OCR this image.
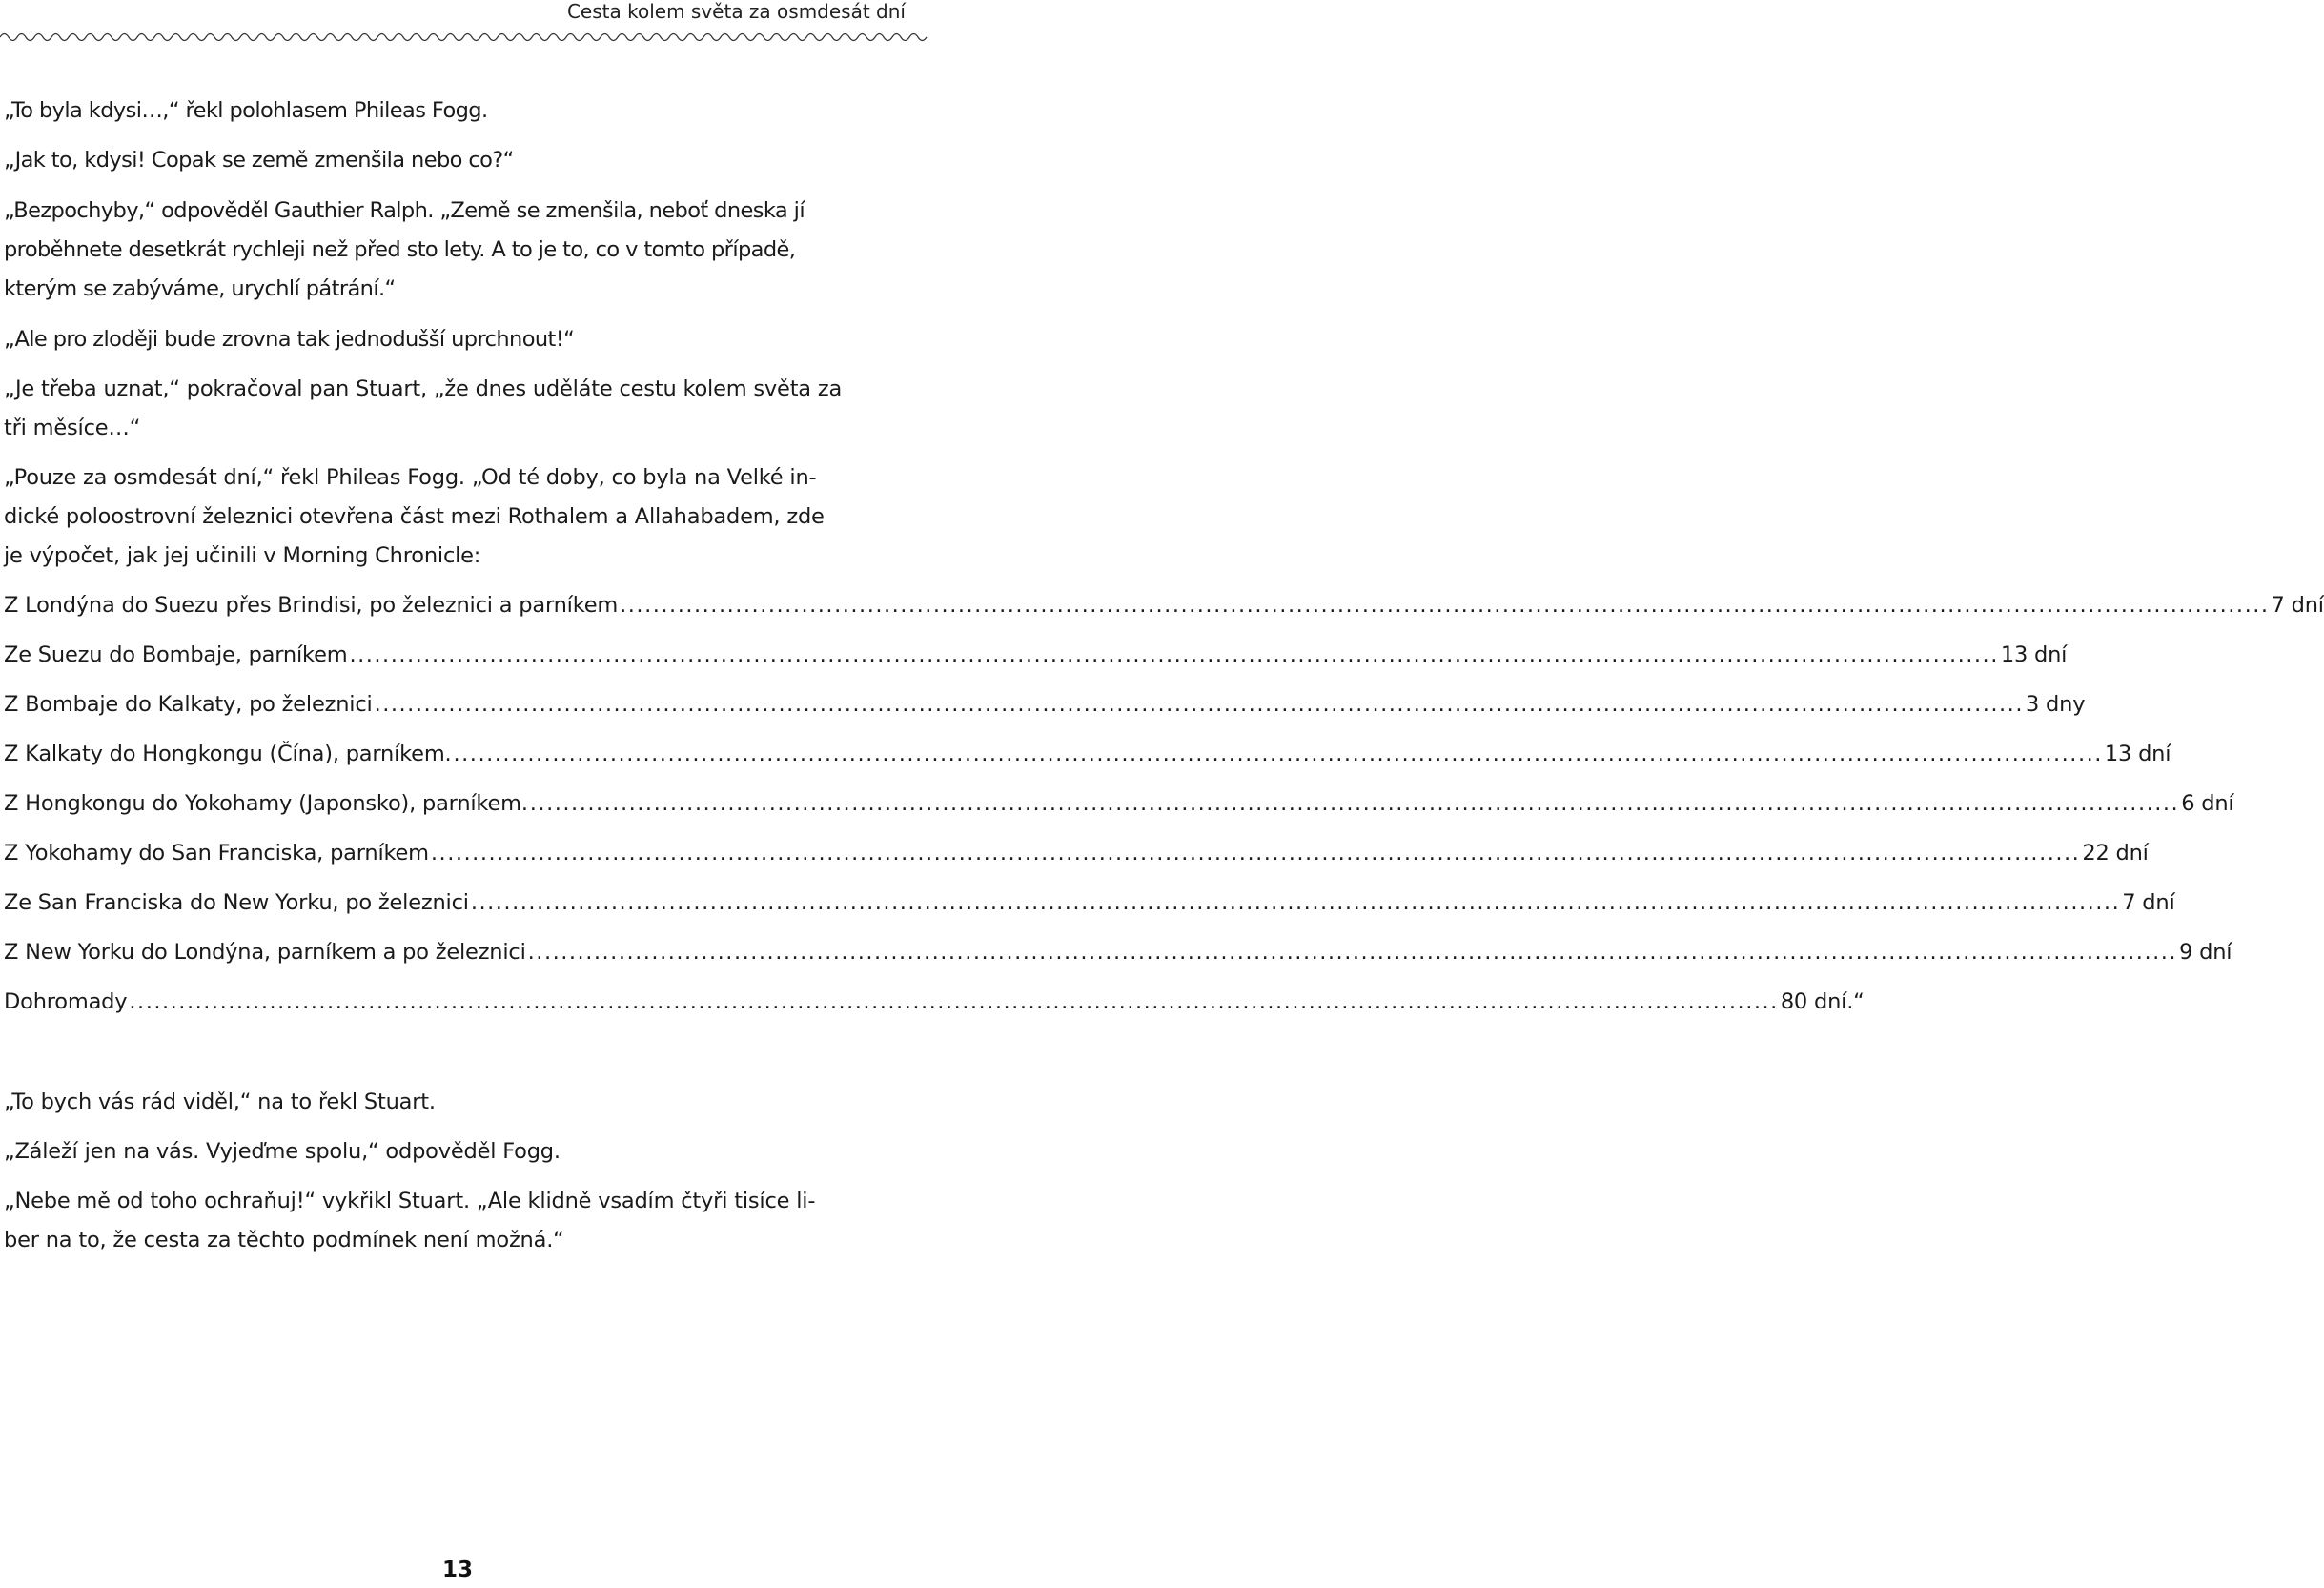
Cesta kolem světa za osmdesát dní
„To byla kdysi…,“ řekl polohlasem Phileas Fogg.
„Jak to, kdysi! Copak se země zmenšila nebo co?“
„Bezpochyby,“ odpověděl Gauthier Ralph. „Země se zmenšila, neboť dneska jí
proběhnete desetkrát rychleji než před sto lety. A to je to, co v tomto případě,
kterým se zabýváme, urychlí pátrání.“
„Ale pro zloději bude zrovna tak jednodušší uprchnout!“
„Je třeba uznat,“ pokračoval pan Stuart, „že dnes uděláte cestu kolem světa za
tři měsíce…“
„Pouze za osmdesát dní,“ řekl Phileas Fogg. „Od té doby, co byla na Velké in-
dické poloostrovní železnici otevřena část mezi Rothalem a Allahabadem, zde
je výpočet, jak jej učinili v Morning Chronicle:
Z Londýna do Suezu přes Brindisi, po železnici a parníkem ........................................................................................................................................................................................................ 7 dní
Ze Suezu do Bombaje, parníkem ........................................................................................................................................................................................................ 13 dní
Z Bombaje do Kalkaty, po železnici ........................................................................................................................................................................................................ 3 dny
Z Kalkaty do Hongkongu (Čína), parníkem. ........................................................................................................................................................................................................ 13 dní
Z Hongkongu do Yokohamy (Japonsko), parníkem. ........................................................................................................................................................................................................ 6 dní
Z Yokohamy do San Franciska, parníkem ........................................................................................................................................................................................................ 22 dní
Ze San Franciska do New Yorku, po železnici ........................................................................................................................................................................................................ 7 dní
Z New Yorku do Londýna, parníkem a po železnici ........................................................................................................................................................................................................ 9 dní
Dohromady ........................................................................................................................................................................................................ 80 dní.“
„To bych vás rád viděl,“ na to řekl Stuart.
„Záleží jen na vás. Vyjeďme spolu,“ odpověděl Fogg.
„Nebe mě od toho ochraňuj!“ vykřikl Stuart. „Ale klidně vsadím čtyři tisíce li-
ber na to, že cesta za těchto podmínek není možná.“
13
